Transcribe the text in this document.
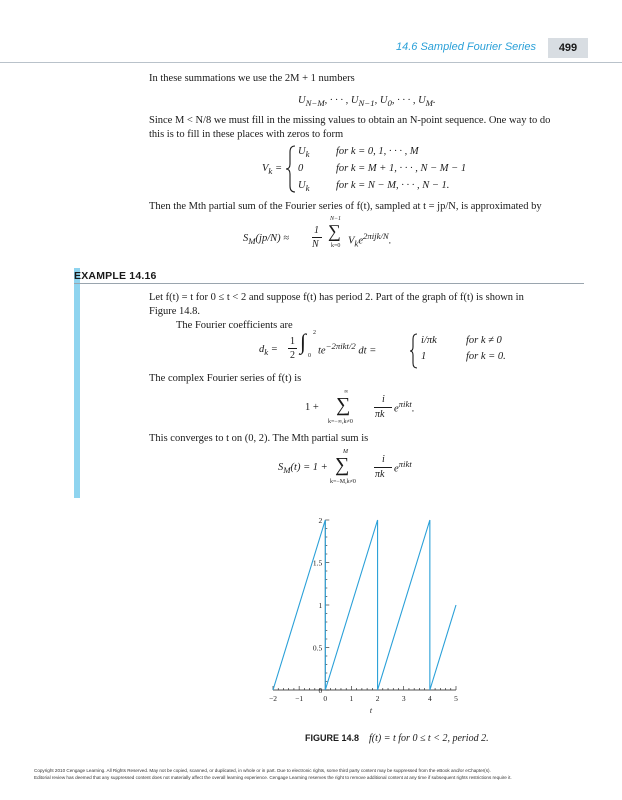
14.6 Sampled Fourier Series	499
In these summations we use the 2M + 1 numbers
$U_{N-M}$, · · · , $U_{N-1}$, $U_0$, · · · , $U_M$.
Since M < N/8 we must fill in the missing values to obtain an N-point sequence. One way to do
this is to fill in these places with zeros to form
$V_k$ =
$U_k$	for k = 0, 1, · · · , M
0	for k = M + 1, · · · , N − M − 1
$U_k$	for k = N − M, · · · , N − 1.
Then the Mth partial sum of the Fourier series of f(t), sampled at t = jp/N, is approximated by
$S_M(jp/N)$ ≈
1
N
N−1
∑
k=0 $V_ke^{2\pi ijk/N}$.
EXAMPLE 14.16
Let f(t) = t for 0 ≤ t < 2 and suppose f(t) has period 2. Part of the graph of f(t) is shown in
Figure 14.8.
The Fourier coefficients are
$d_k$ =
1
2
∫ 2
0 $te^{-2\pi ikt/2}$ dt =
i/πk	for k ≠ 0
1	for k = 0.
The complex Fourier series of f(t) is
1 +
∞
∑
k=−∞,k≠0
i
πk $e^{\pi ikt}$.
This converges to t on (0, 2). The Mth partial sum is
$S_M(t) = 1$ +
M
∑
k=−M,k≠0
i
πk $e^{\pi ikt}$
−2 −1	0	1	2	3	4	5
0
0.5
1
1.5
2
t
FIGURE 14.8 f(t) = t for 0 ≤ t < 2, period 2.
Copyright 2010 Cengage Learning. All Rights Reserved. May not be copied, scanned, or duplicated, in whole or in part. Due to electronic rights, some third party content may be suppressed from the eBook and/or eChapter(s).
Editorial review has deemed that any suppressed content does not materially affect the overall learning experience. Cengage Learning reserves the right to remove additional content at any time if subsequent rights restrictions require it.
